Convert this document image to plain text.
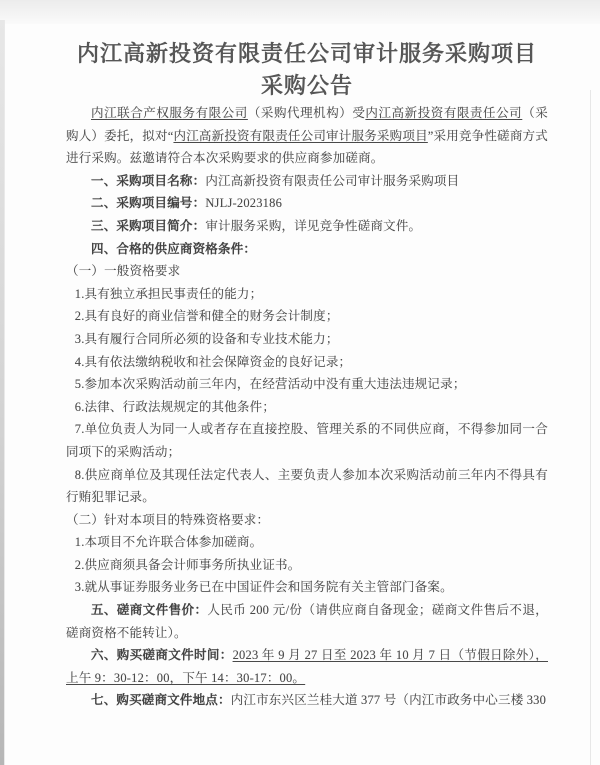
内江高新投资有限责任公司审计服务采购项目
采购公告

内江联合产权服务有限公司（采购代理机构）受内江高新投资有限责任公司（采购人）委托，拟对“内江高新投资有限责任公司审计服务采购项目”采用竞争性磋商方式进行采购。兹邀请符合本次采购要求的供应商参加磋商。

一、采购项目名称：内江高新投资有限责任公司审计服务采购项目

二、采购项目编号：NJLJ-2023186

三、采购项目简介：审计服务采购，详见竞争性磋商文件。

四、合格的供应商资格条件：

（一）一般资格要求

1.具有独立承担民事责任的能力；

2.具有良好的商业信誉和健全的财务会计制度；

3.具有履行合同所必须的设备和专业技术能力；

4.具有依法缴纳税收和社会保障资金的良好记录；

5.参加本次采购活动前三年内，在经营活动中没有重大违法违规记录；

6.法律、行政法规规定的其他条件；

7.单位负责人为同一人或者存在直接控股、管理关系的不同供应商，不得参加同一合同项下的采购活动；

8.供应商单位及其现任法定代表人、主要负责人参加本次采购活动前三年内不得具有行贿犯罪记录。

（二）针对本项目的特殊资格要求：

1.本项目不允许联合体参加磋商。

2.供应商须具备会计师事务所执业证书。

3.就从事证券服务业务已在中国证件会和国务院有关主管部门备案。

五、磋商文件售价：人民币 200 元/份（请供应商自备现金；磋商文件售后不退，磋商资格不能转让）。

六、购买磋商文件时间：2023 年 9 月 27 日至 2023 年 10 月 7 日（节假日除外），上午 9：30-12：00，下午 14：30-17：00。

七、购买磋商文件地点：内江市东兴区兰桂大道 377 号（内江市政务中心三楼 330
